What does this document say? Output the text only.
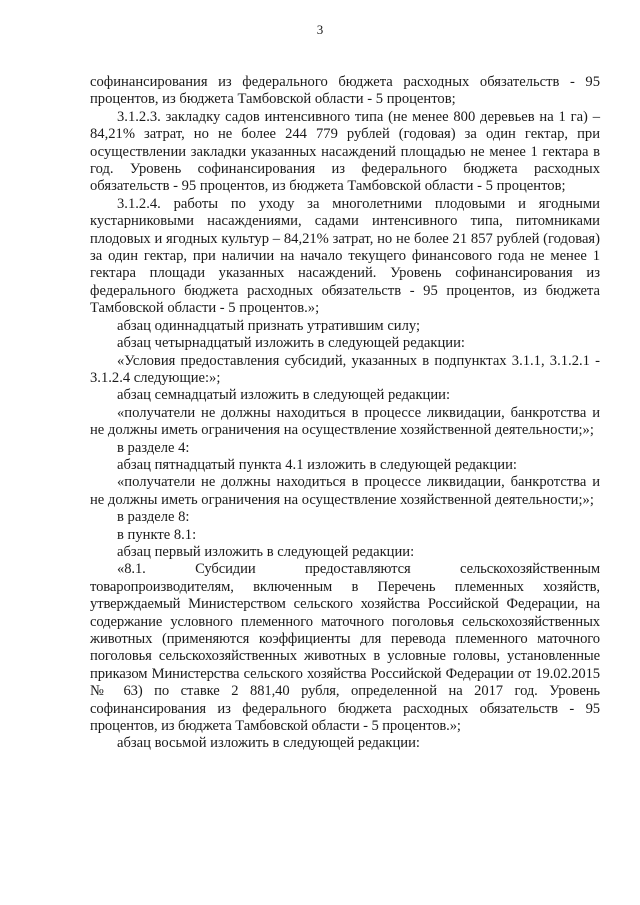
3

софинансирования из федерального бюджета расходных обязательств - 95 процентов, из бюджета Тамбовской области - 5 процентов;

3.1.2.3. закладку садов интенсивного типа (не менее 800 деревьев на 1 га) – 84,21% затрат, но не более 244 779 рублей (годовая) за один гектар, при осуществлении закладки указанных насаждений площадью не менее 1 гектара в год. Уровень софинансирования из федерального бюджета расходных обязательств - 95 процентов, из бюджета Тамбовской области - 5 процентов;

3.1.2.4. работы по уходу за многолетними плодовыми и ягодными кустарниковыми насаждениями, садами интенсивного типа, питомниками плодовых и ягодных культур – 84,21% затрат, но не более 21 857 рублей (годовая) за один гектар, при наличии на начало текущего финансового года не менее 1 гектара площади указанных насаждений. Уровень софинансирования из федерального бюджета расходных обязательств - 95 процентов, из бюджета Тамбовской области - 5 процентов.»;

абзац одиннадцатый признать утратившим силу;

абзац четырнадцатый изложить в следующей редакции:

«Условия предоставления субсидий, указанных в подпунктах 3.1.1, 3.1.2.1 - 3.1.2.4 следующие:»;

абзац семнадцатый изложить в следующей редакции:

«получатели не должны находиться в процессе ликвидации, банкротства и не должны иметь ограничения на осуществление хозяйственной деятельности;»;

в разделе 4:

абзац пятнадцатый пункта 4.1 изложить в следующей редакции:

«получатели не должны находиться в процессе ликвидации, банкротства и не должны иметь ограничения на осуществление хозяйственной деятельности;»;

в разделе 8:

в пункте 8.1:

абзац первый изложить в следующей редакции:

«8.1. Субсидии предоставляются сельскохозяйственным товаропроизводителям, включенным в Перечень племенных хозяйств, утверждаемый Министерством сельского хозяйства Российской Федерации, на содержание условного племенного маточного поголовья сельскохозяйственных животных (применяются коэффициенты для перевода племенного маточного поголовья сельскохозяйственных животных в условные головы, установленные приказом Министерства сельского хозяйства Российской Федерации от 19.02.2015 № 63) по ставке 2 881,40 рубля, определенной на 2017 год. Уровень софинансирования из федерального бюджета расходных обязательств - 95 процентов, из бюджета Тамбовской области - 5 процентов.»;

абзац восьмой изложить в следующей редакции:
